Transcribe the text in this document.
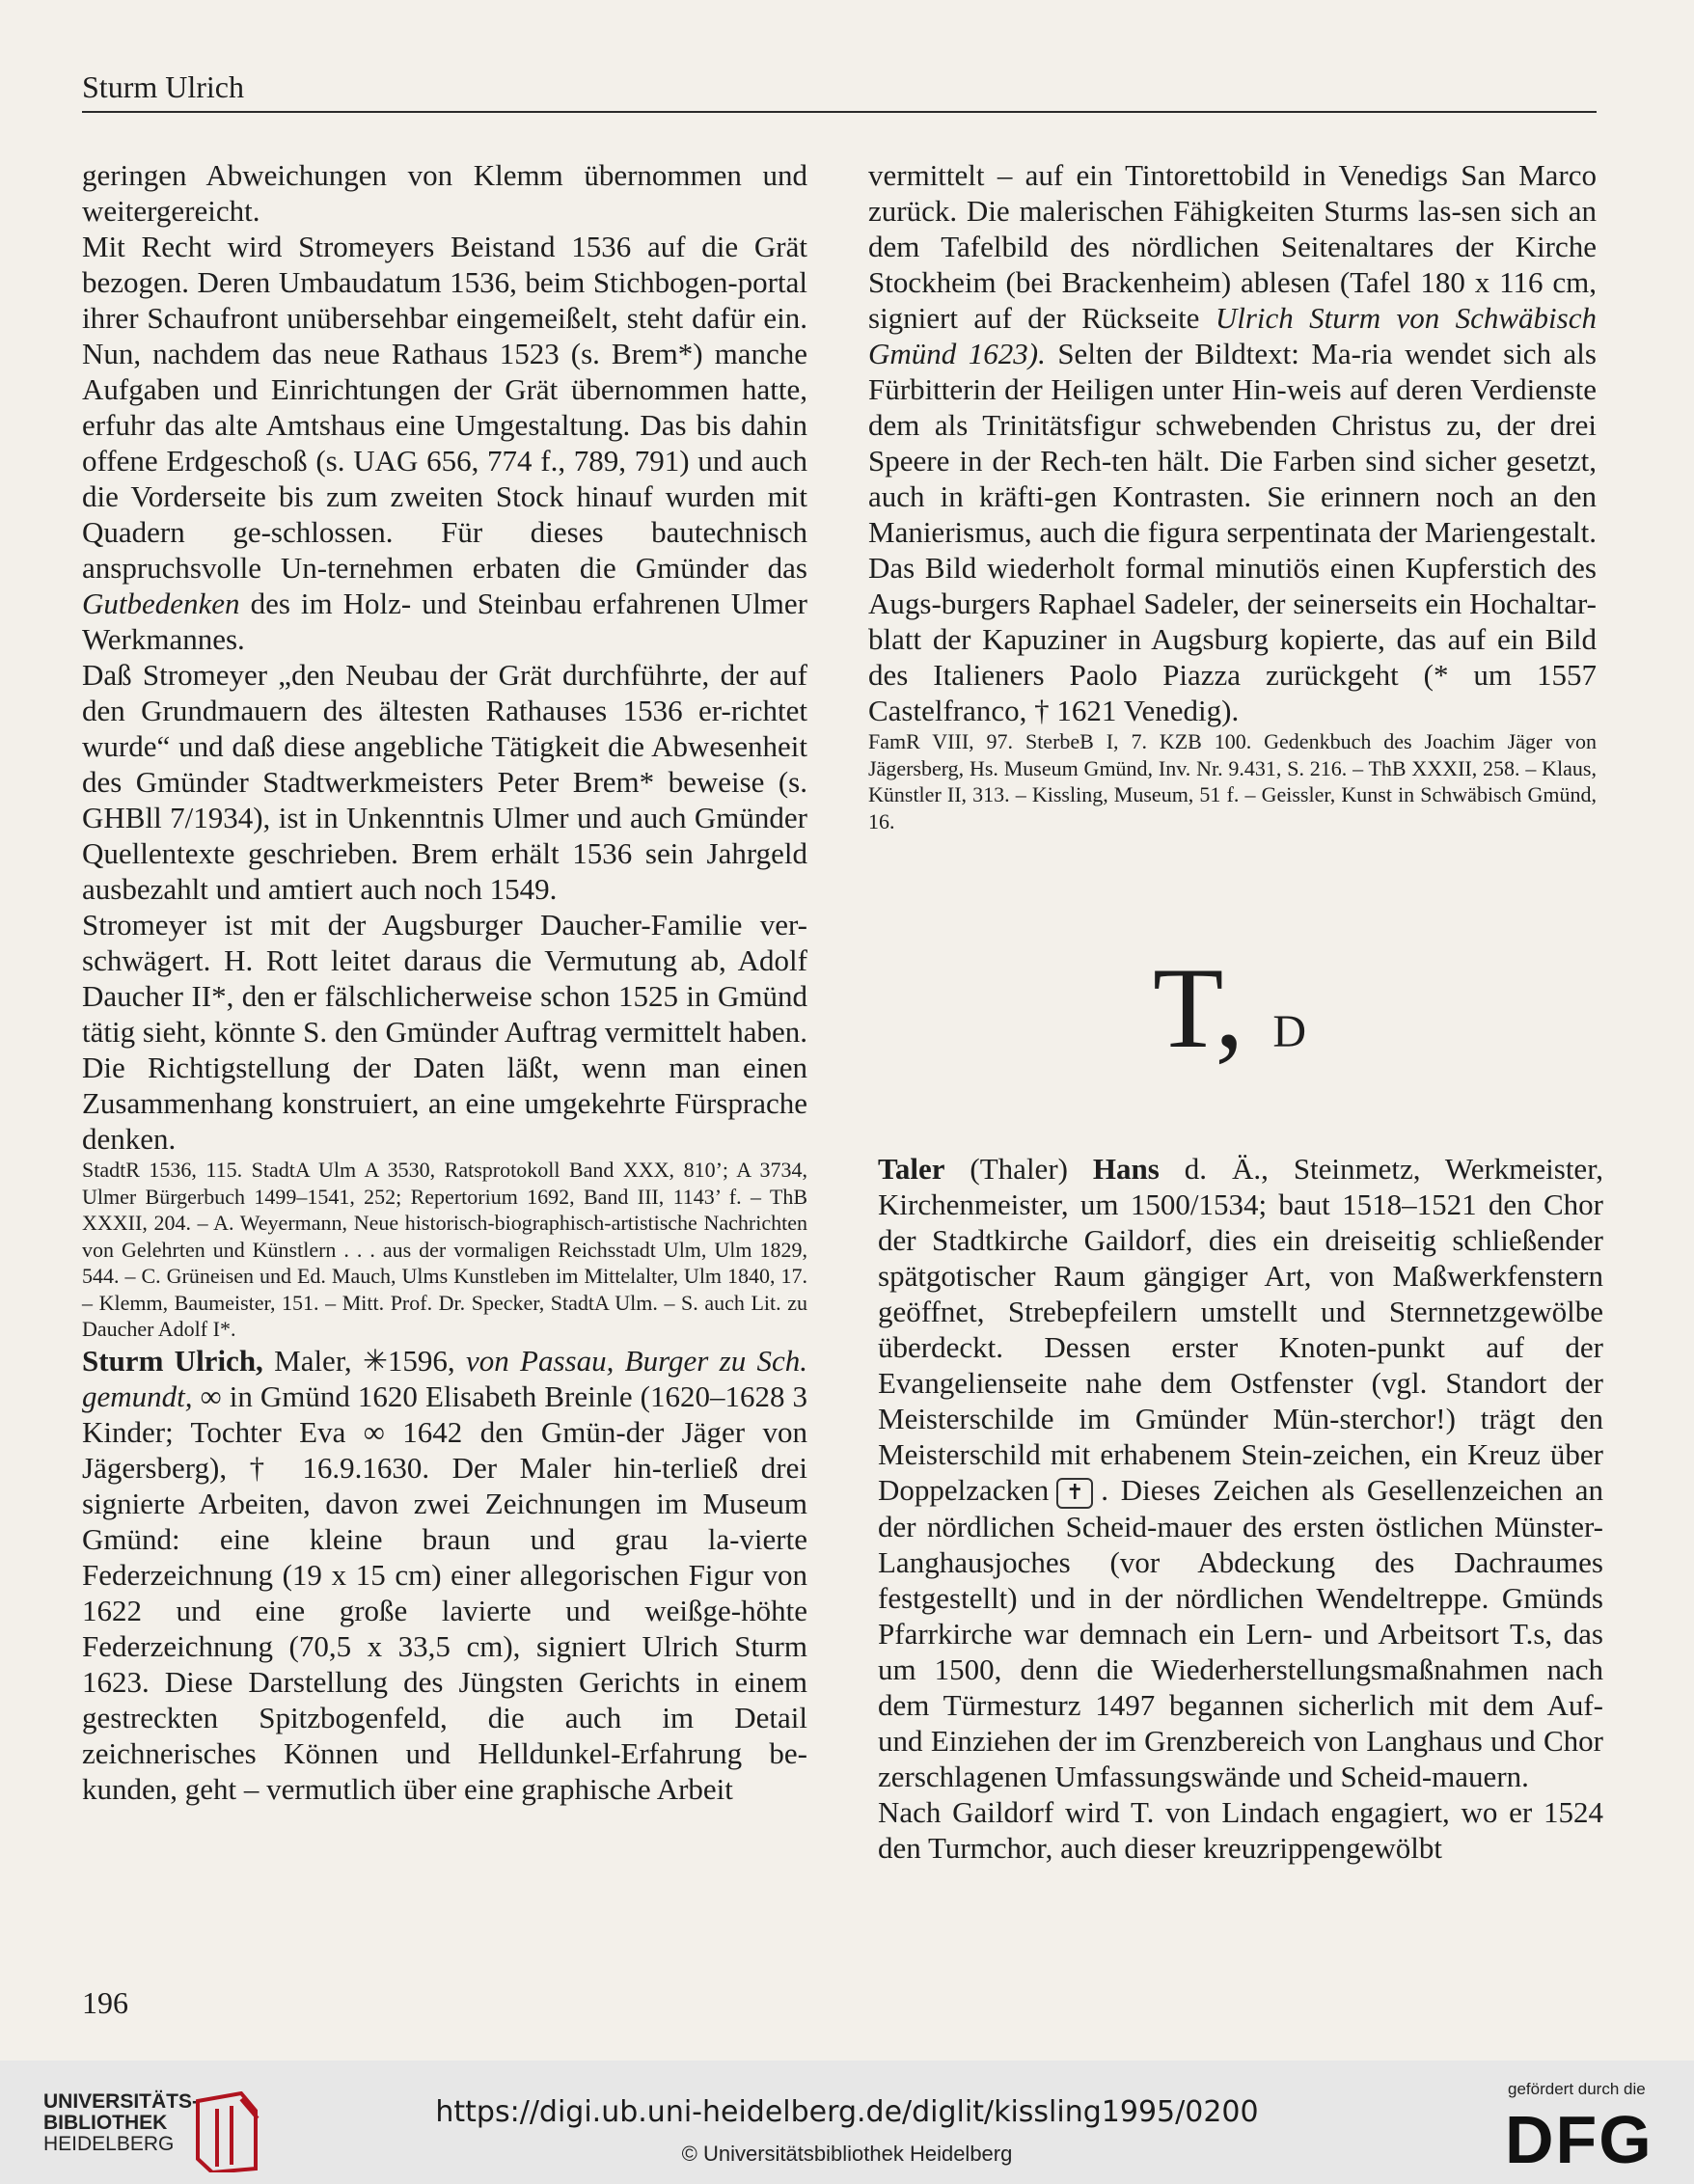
Sturm Ulrich

geringen Abweichungen von Klemm übernommen und weitergereicht.

Mit Recht wird Stromeyers Beistand 1536 auf die Grät bezogen. Deren Umbaudatum 1536, beim Stichbogen-portal ihrer Schaufront unübersehbar eingemeißelt, steht dafür ein. Nun, nachdem das neue Rathaus 1523 (s. Brem*) manche Aufgaben und Einrichtungen der Grät übernommen hatte, erfuhr das alte Amtshaus eine Umgestaltung. Das bis dahin offene Erdgeschoß (s. UAG 656, 774 f., 789, 791) und auch die Vorderseite bis zum zweiten Stock hinauf wurden mit Quadern ge-schlossen. Für dieses bautechnisch anspruchsvolle Un-ternehmen erbaten die Gmünder das Gutbedenken des im Holz- und Steinbau erfahrenen Ulmer Werkmannes.

Daß Stromeyer „den Neubau der Grät durchführte, der auf den Grundmauern des ältesten Rathauses 1536 er-richtet wurde“ und daß diese angebliche Tätigkeit die Abwesenheit des Gmünder Stadtwerkmeisters Peter Brem* beweise (s. GHBll 7/1934), ist in Unkenntnis Ulmer und auch Gmünder Quellentexte geschrieben. Brem erhält 1536 sein Jahrgeld ausbezahlt und amtiert auch noch 1549.

Stromeyer ist mit der Augsburger Daucher-Familie ver-schwägert. H. Rott leitet daraus die Vermutung ab, Adolf Daucher II*, den er fälschlicherweise schon 1525 in Gmünd tätig sieht, könnte S. den Gmünder Auftrag vermittelt haben. Die Richtigstellung der Daten läßt, wenn man einen Zusammenhang konstruiert, an eine umgekehrte Fürsprache denken.

StadtR 1536, 115. StadtA Ulm A 3530, Ratsprotokoll Band XXX, 810’; A 3734, Ulmer Bürgerbuch 1499–1541, 252; Repertorium 1692, Band III, 1143’ f. – ThB XXXII, 204. – A. Weyermann, Neue historisch-biographisch-artistische Nachrichten von Gelehrten und Künstlern . . . aus der vormaligen Reichsstadt Ulm, Ulm 1829, 544. – C. Grüneisen und Ed. Mauch, Ulms Kunstleben im Mittelalter, Ulm 1840, 17. – Klemm, Baumeister, 151. – Mitt. Prof. Dr. Specker, StadtA Ulm. – S. auch Lit. zu Daucher Adolf I*.

Sturm Ulrich, Maler, ✳1596, von Passau, Burger zu Sch. gemundt, ∞ in Gmünd 1620 Elisabeth Breinle (1620–1628 3 Kinder; Tochter Eva ∞ 1642 den Gmün-der Jäger von Jägersberg), † 16.9.1630. Der Maler hin-terließ drei signierte Arbeiten, davon zwei Zeichnungen im Museum Gmünd: eine kleine braun und grau la-vierte Federzeichnung (19 x 15 cm) einer allegorischen Figur von 1622 und eine große lavierte und weißge-höhte Federzeichnung (70,5 x 33,5 cm), signiert Ulrich Sturm 1623. Diese Darstellung des Jüngsten Gerichts in einem gestreckten Spitzbogenfeld, die auch im Detail zeichnerisches Können und Helldunkel-Erfahrung be-kunden, geht – vermutlich über eine graphische Arbeit

vermittelt – auf ein Tintorettobild in Venedigs San Marco zurück. Die malerischen Fähigkeiten Sturms las-sen sich an dem Tafelbild des nördlichen Seitenaltares der Kirche Stockheim (bei Brackenheim) ablesen (Tafel 180 x 116 cm, signiert auf der Rückseite Ulrich Sturm von Schwäbisch Gmünd 1623). Selten der Bildtext: Ma-ria wendet sich als Fürbitterin der Heiligen unter Hin-weis auf deren Verdienste dem als Trinitätsfigur schwebenden Christus zu, der drei Speere in der Rech-ten hält. Die Farben sind sicher gesetzt, auch in kräfti-gen Kontrasten. Sie erinnern noch an den Manierismus, auch die figura serpentinata der Mariengestalt. Das Bild wiederholt formal minutiös einen Kupferstich des Augs-burgers Raphael Sadeler, der seinerseits ein Hochaltar-blatt der Kapuziner in Augsburg kopierte, das auf ein Bild des Italieners Paolo Piazza zurückgeht (* um 1557 Castelfranco, † 1621 Venedig).

FamR VIII, 97. SterbeB I, 7. KZB 100. Gedenkbuch des Joachim Jäger von Jägersberg, Hs. Museum Gmünd, Inv. Nr. 9.431, S. 216. – ThB XXXII, 258. – Klaus, Künstler II, 313. – Kissling, Museum, 51 f. – Geissler, Kunst in Schwäbisch Gmünd, 16.

T, D

Taler (Thaler) Hans d. Ä., Steinmetz, Werkmeister, Kirchenmeister, um 1500/1534; baut 1518–1521 den Chor der Stadtkirche Gaildorf, dies ein dreiseitig schließender spätgotischer Raum gängiger Art, von Maßwerkfenstern geöffnet, Strebepfeilern umstellt und Sternnetzgewölbe überdeckt. Dessen erster Knoten-punkt auf der Evangelienseite nahe dem Ostfenster (vgl. Standort der Meisterschilde im Gmünder Mün-sterchor!) trägt den Meisterschild mit erhabenem Stein-zeichen, ein Kreuz über Doppelzacken ✝ . Dieses Zeichen als Gesellenzeichen an der nördlichen Scheid-mauer des ersten östlichen Münster-Langhausjoches (vor Abdeckung des Dachraumes festgestellt) und in der nördlichen Wendeltreppe. Gmünds Pfarrkirche war demnach ein Lern- und Arbeitsort T.s, das um 1500, denn die Wiederherstellungsmaßnahmen nach dem Türmesturz 1497 begannen sicherlich mit dem Auf- und Einziehen der im Grenzbereich von Langhaus und Chor zerschlagenen Umfassungswände und Scheid-mauern.

Nach Gaildorf wird T. von Lindach engagiert, wo er 1524 den Turmchor, auch dieser kreuzrippengewölbt

196
UNIVERSITÄTS-
BIBLIOTHEK
HEIDELBERG
https://digi.ub.uni-heidelberg.de/diglit/kissling1995/0200
© Universitätsbibliothek Heidelberg
gefördert durch die
DFG
